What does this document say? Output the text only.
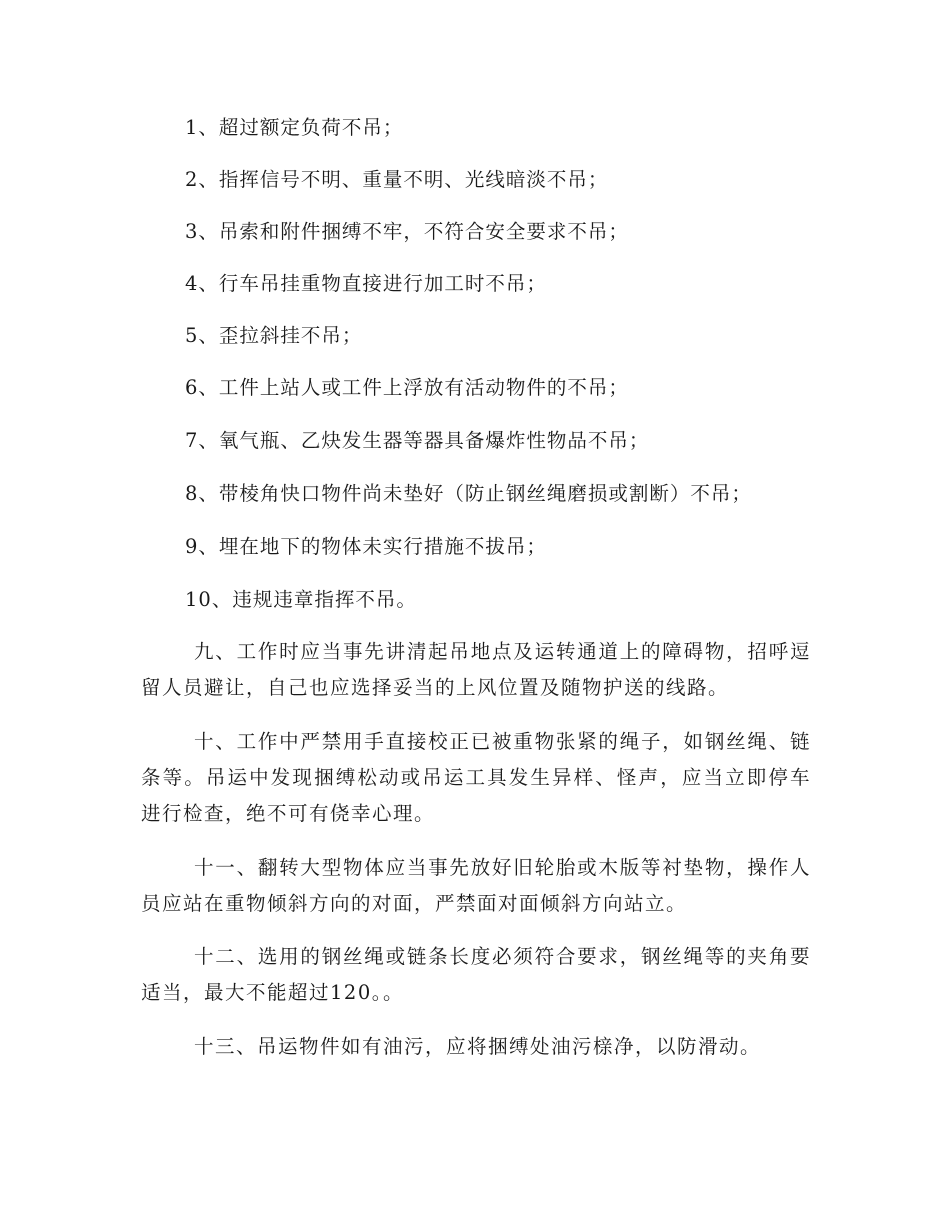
1、超过额定负荷不吊；
2、指挥信号不明、重量不明、光线暗淡不吊；
3、吊索和附件捆缚不牢，不符合安全要求不吊；
4、行车吊挂重物直接进行加工时不吊；
5、歪拉斜挂不吊；
6、工件上站人或工件上浮放有活动物件的不吊；
7、氧气瓶、乙炔发生器等器具备爆炸性物品不吊；
8、带棱角快口物件尚未垫好（防止钢丝绳磨损或割断）不吊；
9、埋在地下的物体未实行措施不拔吊；
10、违规违章指挥不吊。
九、工作时应当事先讲清起吊地点及运转通道上的障碍物，招呼逗留人员避让，自己也应选择妥当的上风位置及随物护送的线路。
十、工作中严禁用手直接校正已被重物张紧的绳子，如钢丝绳、链条等。吊运中发现捆缚松动或吊运工具发生异样、怪声，应当立即停车进行检查，绝不可有侥幸心理。
十一、翻转大型物体应当事先放好旧轮胎或木版等衬垫物，操作人员应站在重物倾斜方向的对面，严禁面对面倾斜方向站立。
十二、选用的钢丝绳或链条长度必须符合要求，钢丝绳等的夹角要适当，最大不能超过120。。
十三、吊运物件如有油污，应将捆缚处油污榇净，以防滑动。
